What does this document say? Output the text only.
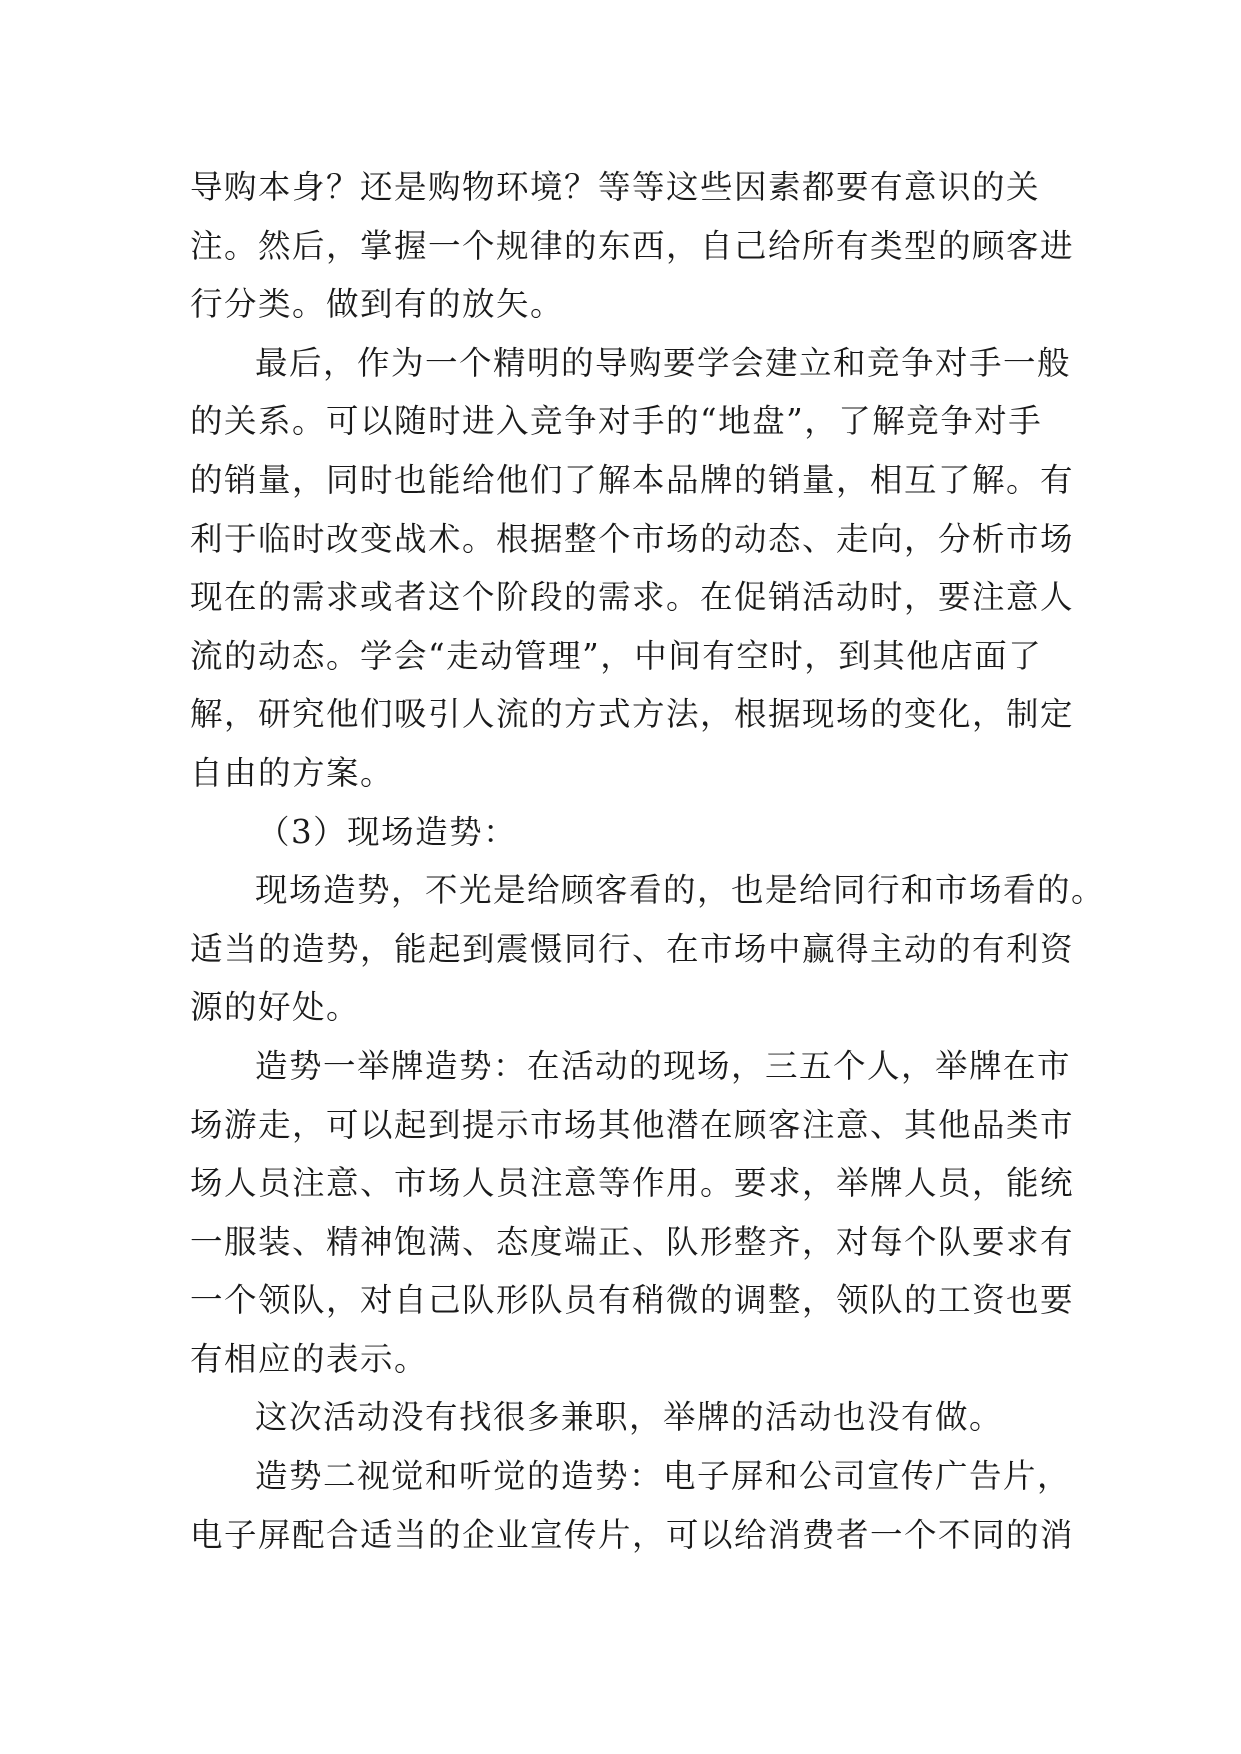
导购本身？还是购物环境？等等这些因素都要有意识的关
注。然后，掌握一个规律的东西，自己给所有类型的顾客进
行分类。做到有的放矢。
最后，作为一个精明的导购要学会建立和竞争对手一般
的关系。可以随时进入竞争对手的“地盘”，了解竞争对手
的销量，同时也能给他们了解本品牌的销量，相互了解。有
利于临时改变战术。根据整个市场的动态、走向，分析市场
现在的需求或者这个阶段的需求。在促销活动时，要注意人
流的动态。学会“走动管理”，中间有空时，到其他店面了
解，研究他们吸引人流的方式方法，根据现场的变化，制定
自由的方案。
（3）现场造势：
现场造势，不光是给顾客看的，也是给同行和市场看的。
适当的造势，能起到震慑同行、在市场中赢得主动的有利资
源的好处。
造势一举牌造势：在活动的现场，三五个人，举牌在市
场游走，可以起到提示市场其他潜在顾客注意、其他品类市
场人员注意、市场人员注意等作用。要求，举牌人员，能统
一服装、精神饱满、态度端正、队形整齐，对每个队要求有
一个领队，对自己队形队员有稍微的调整，领队的工资也要
有相应的表示。
这次活动没有找很多兼职，举牌的活动也没有做。
造势二视觉和听觉的造势：电子屏和公司宣传广告片，
电子屏配合适当的企业宣传片，可以给消费者一个不同的消
